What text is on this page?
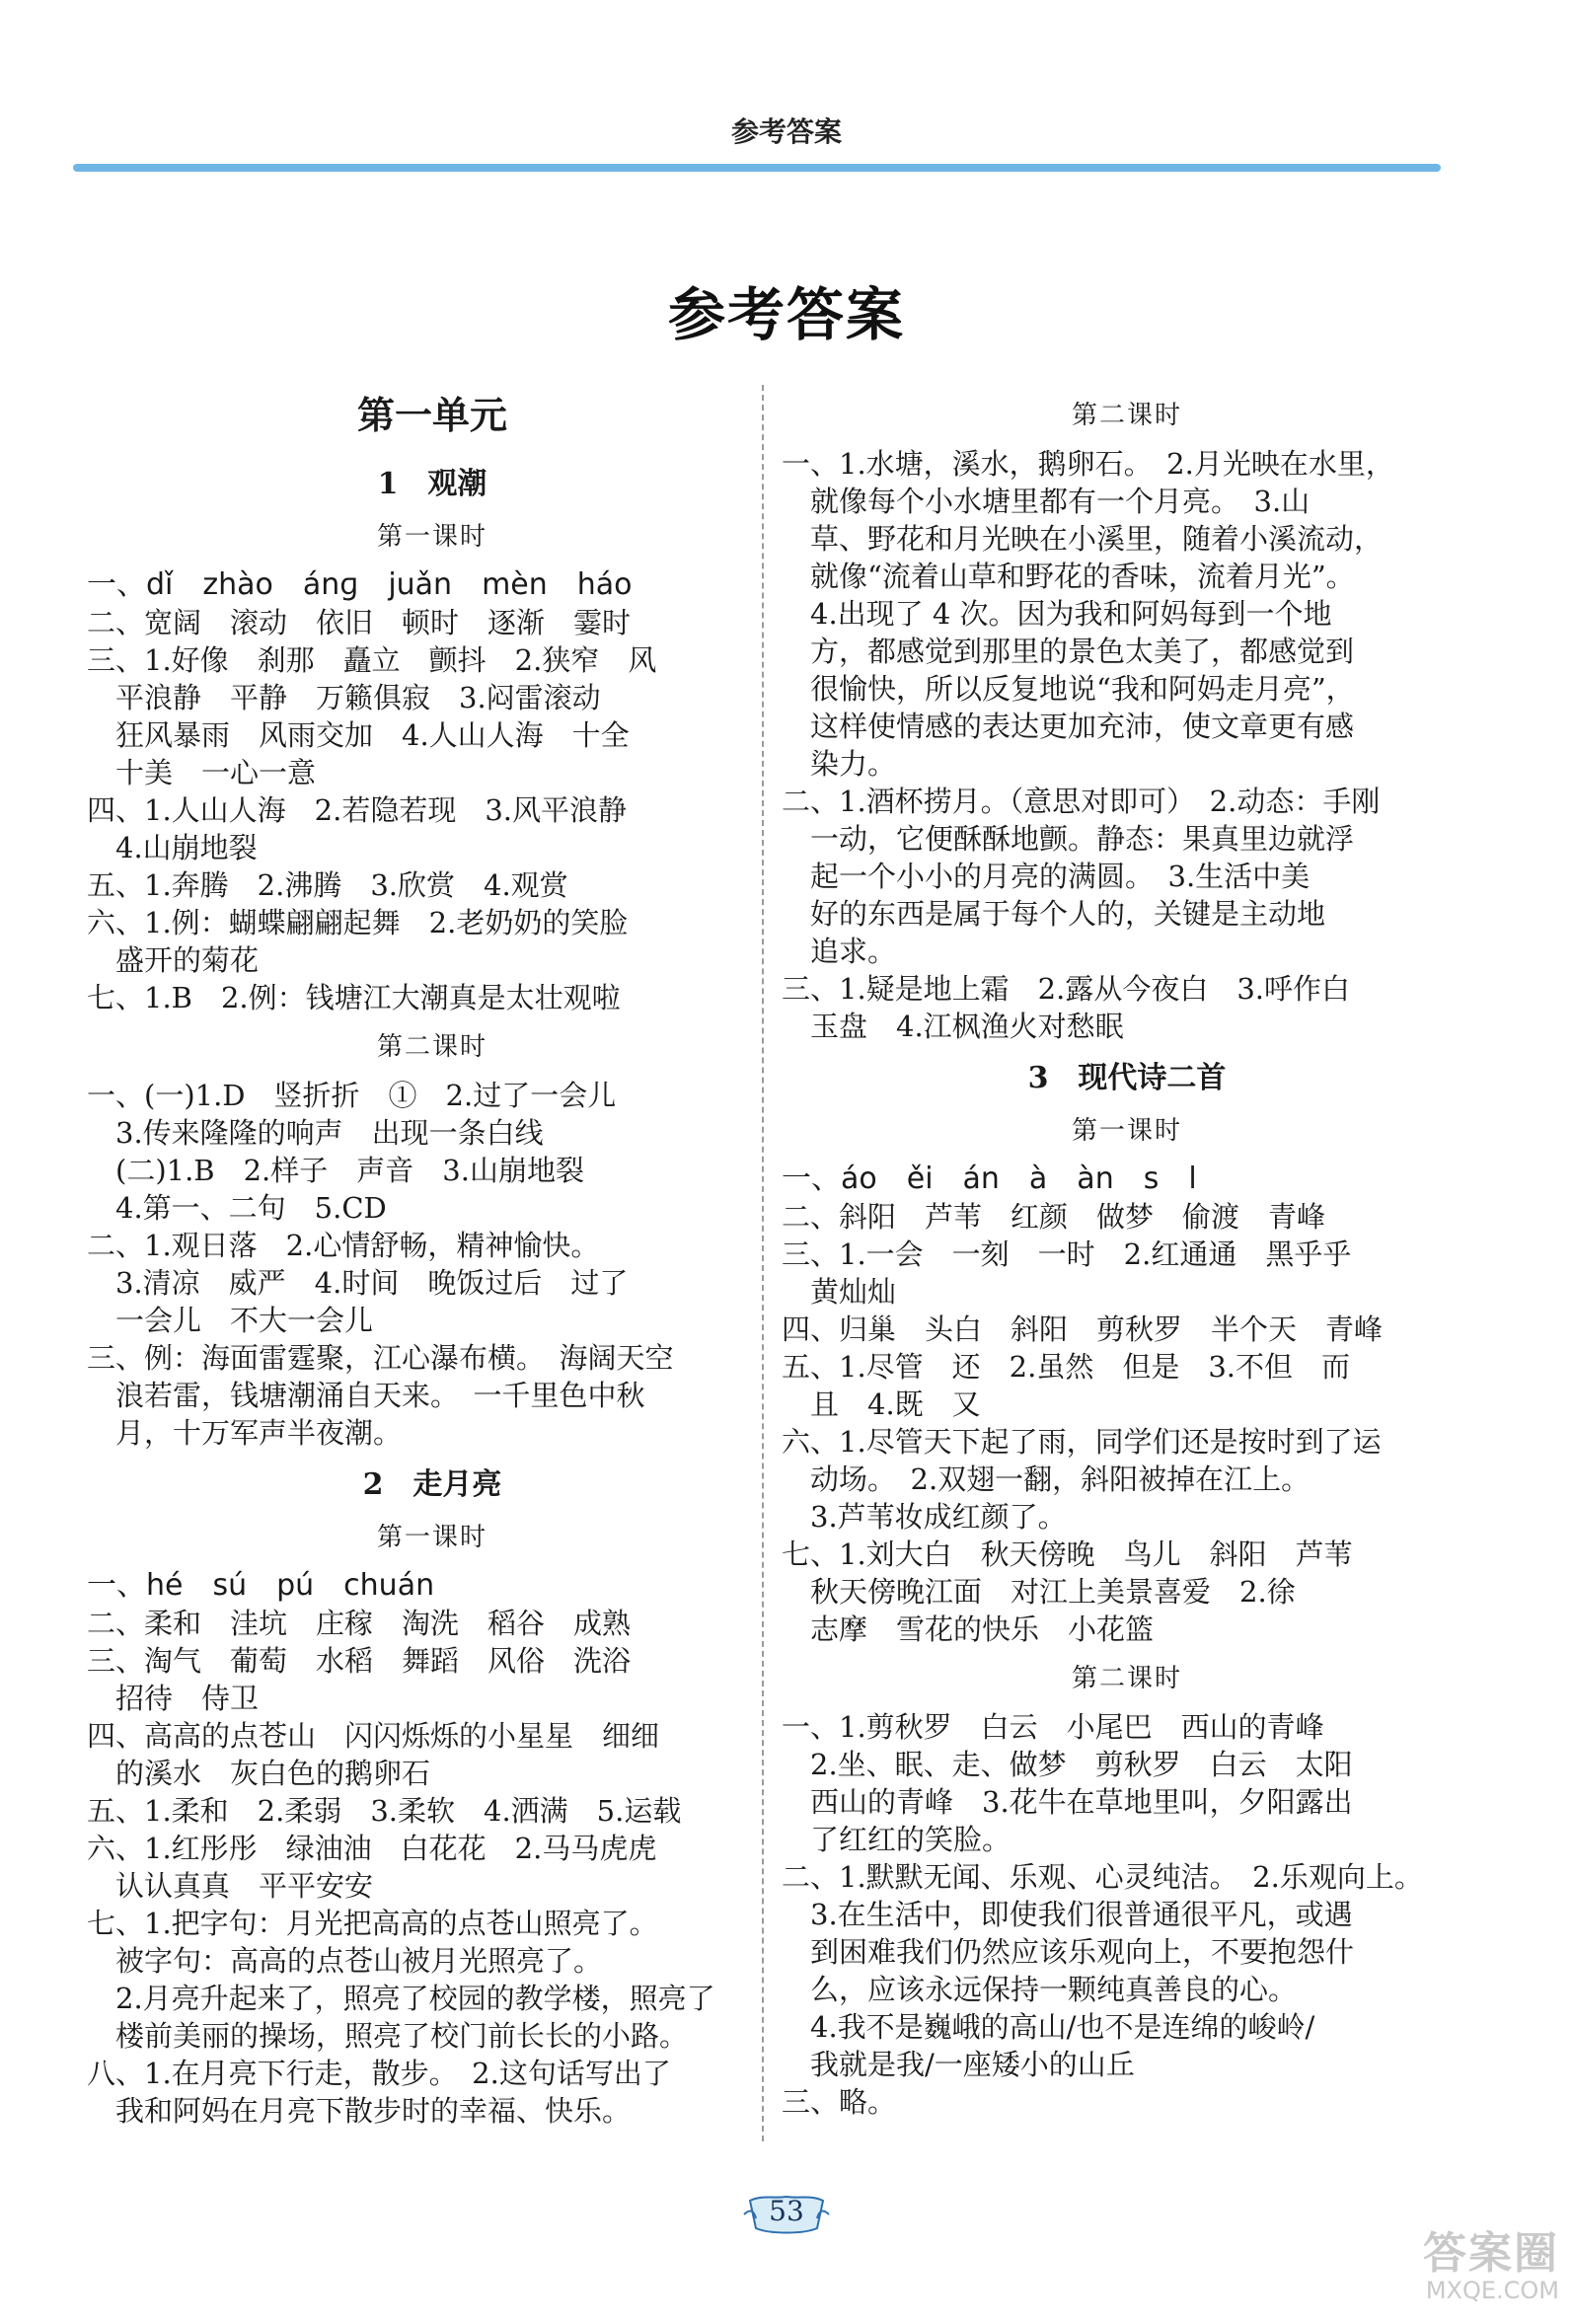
参考答案
参考答案
第一单元
1　观潮
第一课时
一、dǐ　zhào　ánɡ　juǎn　mèn　háo
二、宽阔　滚动　依旧　顿时　逐渐　霎时
三、1.好像　刹那　矗立　颤抖　2.狭窄　风
　平浪静　平静　万籁俱寂　3.闷雷滚动
　狂风暴雨　风雨交加　4.人山人海　十全
　十美　一心一意
四、1.人山人海　2.若隐若现　3.风平浪静
　4.山崩地裂
五、1.奔腾　2.沸腾　3.欣赏　4.观赏
六、1.例：蝴蝶翩翩起舞　2.老奶奶的笑脸
　盛开的菊花
七、1.B　2.例：钱塘江大潮真是太壮观啦
第二课时
一、(一)1.D　竖折折　①　2.过了一会儿
　3.传来隆隆的响声　出现一条白线
　(二)1.B　2.样子　声音　3.山崩地裂
　4.第一、二句　5.CD
二、1.观日落　2.心情舒畅，精神愉快。
　3.清凉　威严　4.时间　晚饭过后　过了
　一会儿　不大一会儿
三、例：海面雷霆聚，江心瀑布横。　海阔天空
　浪若雷，钱塘潮涌自天来。　一千里色中秋
　月，十万军声半夜潮。
2　走月亮
第一课时
一、hé　sú　pú　chuán
二、柔和　洼坑　庄稼　淘洗　稻谷　成熟
三、淘气　葡萄　水稻　舞蹈　风俗　洗浴
　招待　侍卫
四、高高的点苍山　闪闪烁烁的小星星　细细
　的溪水　灰白色的鹅卵石
五、1.柔和　2.柔弱　3.柔软　4.洒满　5.运载
六、1.红彤彤　绿油油　白花花　2.马马虎虎
　认认真真　平平安安
七、1.把字句：月光把高高的点苍山照亮了。
　被字句：高高的点苍山被月光照亮了。
　2.月亮升起来了，照亮了校园的教学楼，照亮了
　楼前美丽的操场，照亮了校门前长长的小路。
八、1.在月亮下行走，散步。　2.这句话写出了
　我和阿妈在月亮下散步时的幸福、快乐。
第二课时
一、1.水塘，溪水，鹅卵石。　2.月光映在水里，
　就像每个小水塘里都有一个月亮。　3.山
　草、野花和月光映在小溪里，随着小溪流动，
　就像“流着山草和野花的香味，流着月光”。
　4.出现了 4 次。因为我和阿妈每到一个地
　方，都感觉到那里的景色太美了，都感觉到
　很愉快，所以反复地说“我和阿妈走月亮”，
　这样使情感的表达更加充沛，使文章更有感
　染力。
二、1.酒杯捞月。（意思对即可）　2.动态：手刚
　一动，它便酥酥地颤。静态：果真里边就浮
　起一个小小的月亮的满圆。　3.生活中美
　好的东西是属于每个人的，关键是主动地
　追求。
三、1.疑是地上霜　2.露从今夜白　3.呼作白
　玉盘　4.江枫渔火对愁眠
3　现代诗二首
第一课时
一、áo　ěi　án　à　àn　s　l
二、斜阳　芦苇　红颜　做梦　偷渡　青峰
三、1.一会　一刻　一时　2.红通通　黑乎乎
　黄灿灿
四、归巢　头白　斜阳　剪秋罗　半个天　青峰
五、1.尽管　还　2.虽然　但是　3.不但　而
　且　4.既　又
六、1.尽管天下起了雨，同学们还是按时到了运
　动场。　2.双翅一翻，斜阳被掉在江上。
　3.芦苇妆成红颜了。
七、1.刘大白　秋天傍晚　鸟儿　斜阳　芦苇
　秋天傍晚江面　对江上美景喜爱　2.徐
　志摩　雪花的快乐　小花篮
第二课时
一、1.剪秋罗　白云　小尾巴　西山的青峰
　2.坐、眠、走、做梦　剪秋罗　白云　太阳
　西山的青峰　3.花牛在草地里叫，夕阳露出
　了红红的笑脸。
二、1.默默无闻、乐观、心灵纯洁。　2.乐观向上。
　3.在生活中，即使我们很普通很平凡，或遇
　到困难我们仍然应该乐观向上，不要抱怨什
　么，应该永远保持一颗纯真善良的心。
　4.我不是巍峨的高山/也不是连绵的峻岭/
　我就是我/一座矮小的山丘
三、略。
53
答案圈
MXQE.COM
